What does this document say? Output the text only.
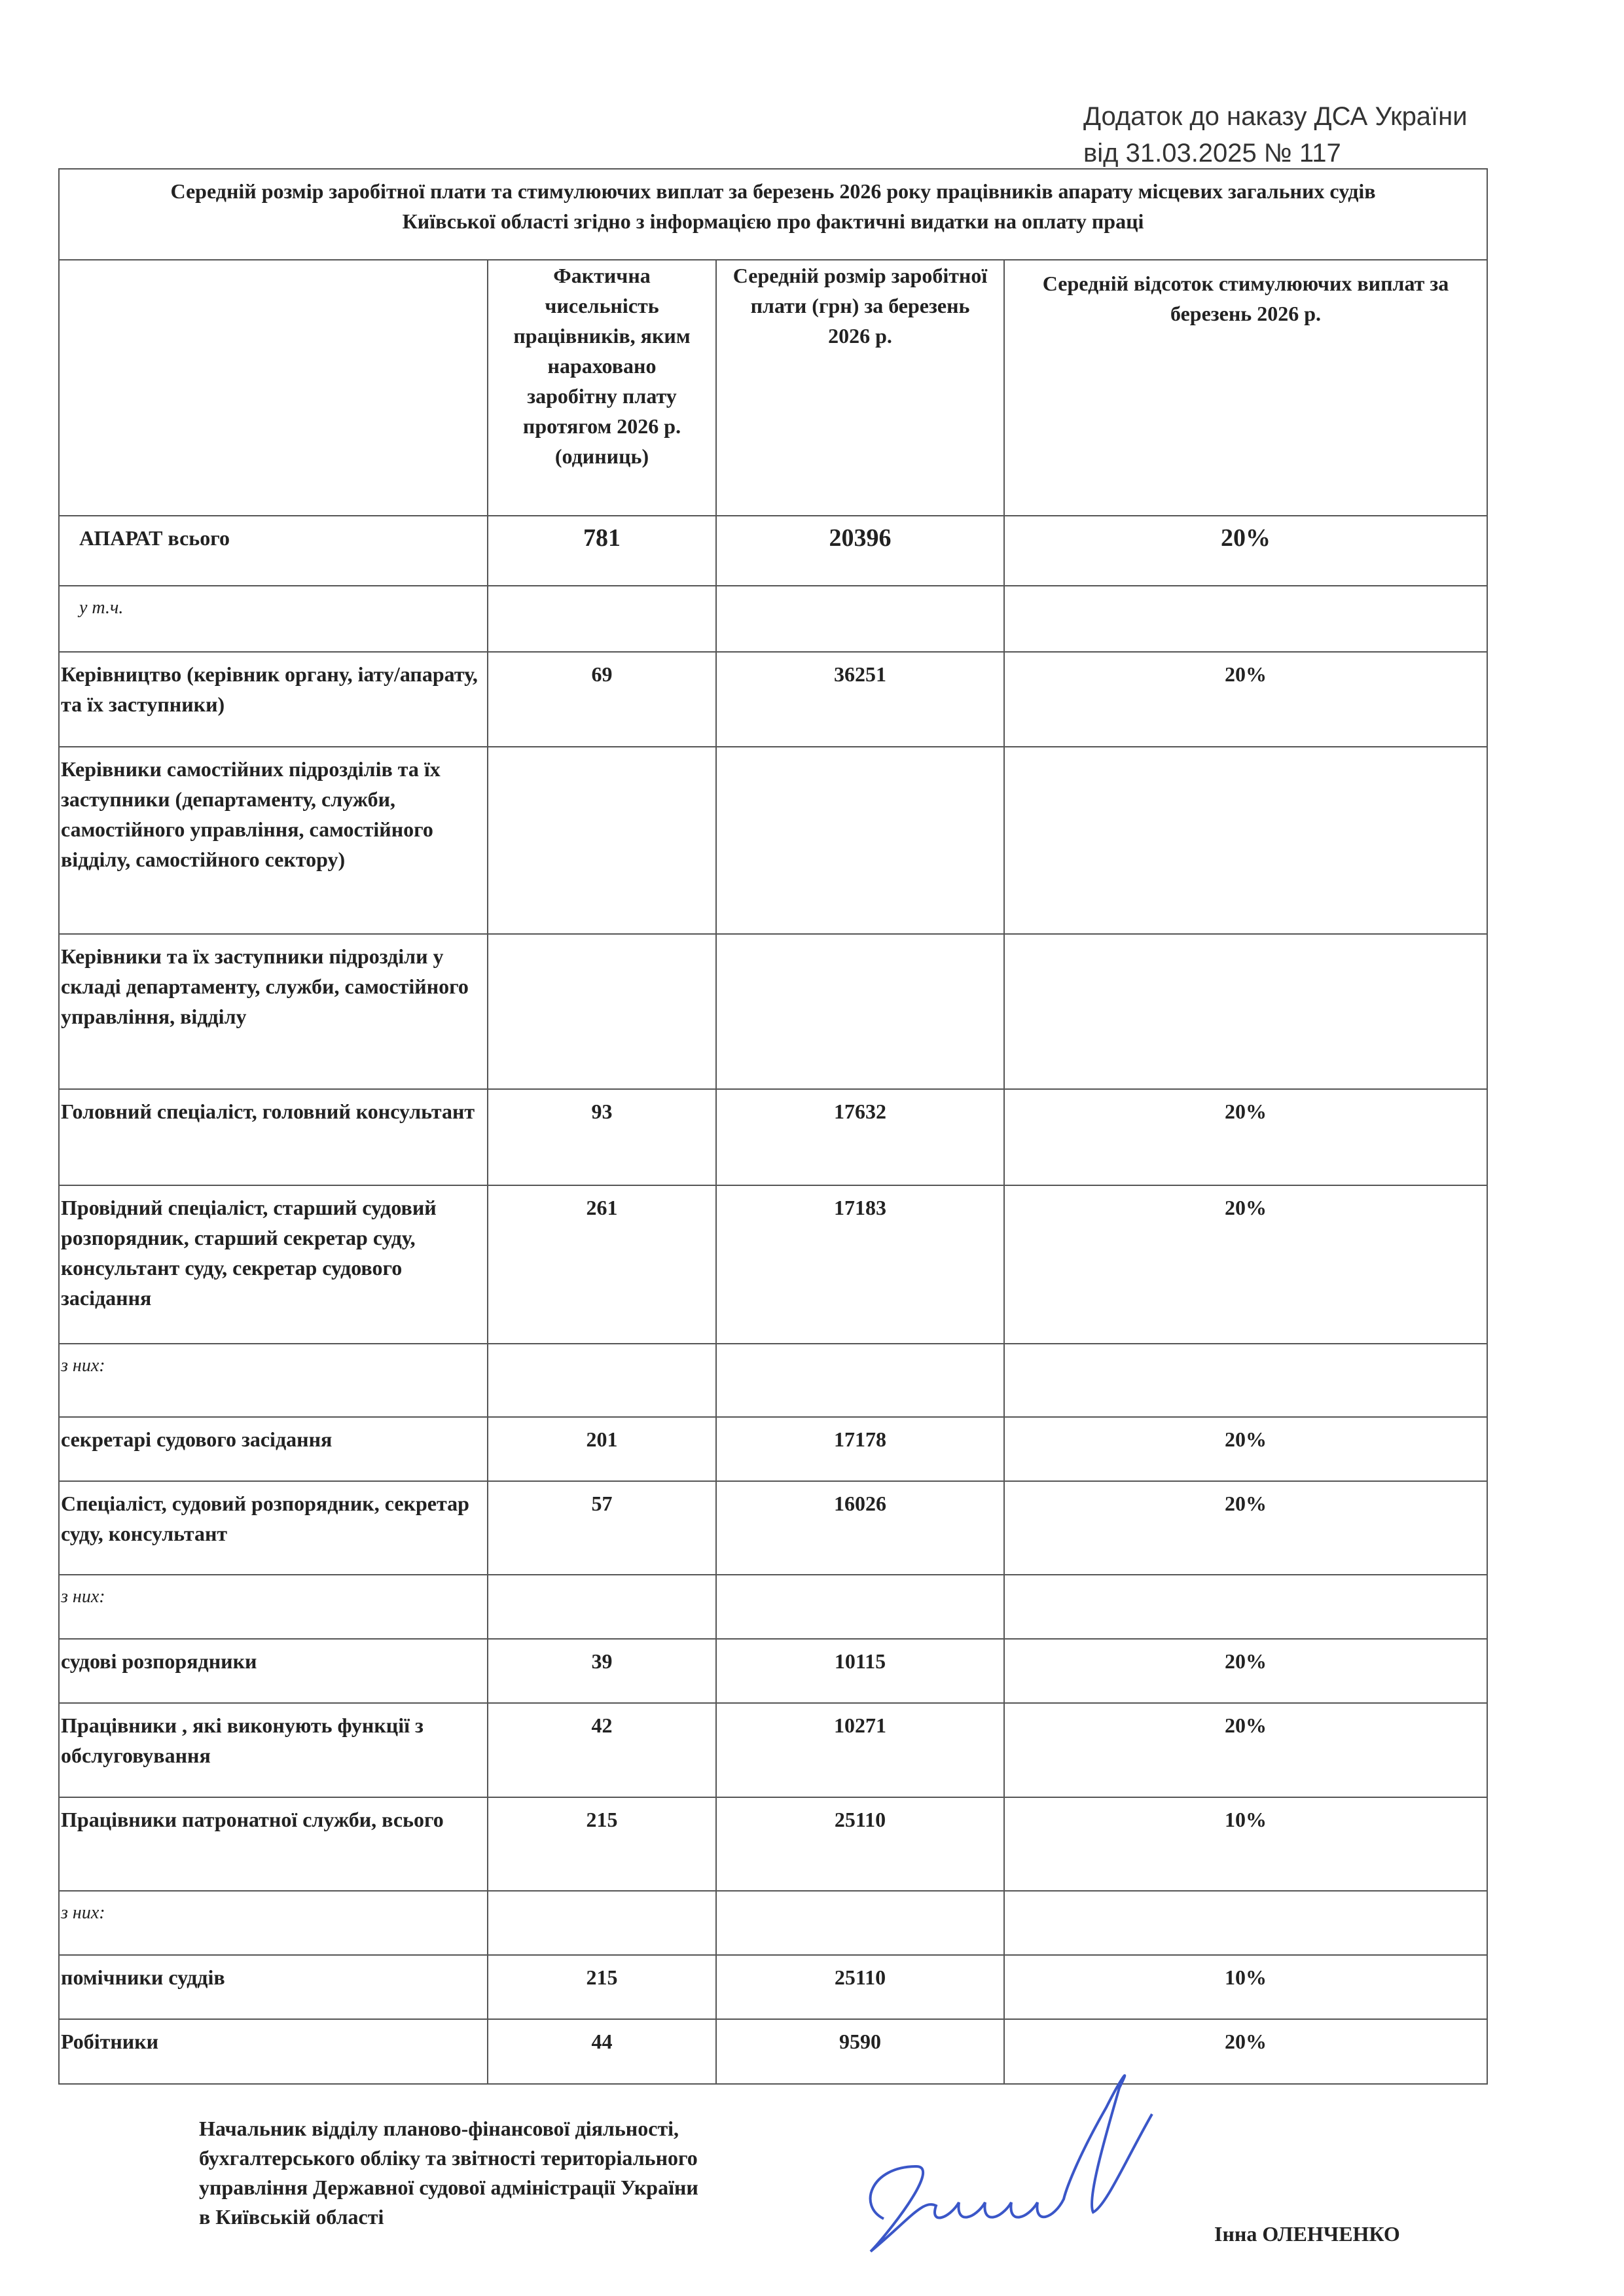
Додаток до наказу ДСА України
від 31.03.2025 № 117
Середній розмір заробітної плати та стимулюючих виплат за березень 2026 року працівників апарату місцевих загальних судів Київської області згідно з інформацією про фактичні видатки на оплату праці			
	Фактична чисельність працівників, яким нараховано заробітну плату протягом 2026 р. (одиниць)	Середній розмір заробітної плати (грн) за березень 2026 р.	Середній відсоток стимулюючих виплат за березень 2026 р.
АПАРАТ всього	781	20396	20%
у т.ч.			
Керівництво (керівник органу, іату/апарату, та їх заступники)	69	36251	20%
Керівники самостійних підрозділів та їх заступники (департаменту, служби, самостійного управління, самостійного відділу, самостійного сектору)			
Керівники та їх заступники підрозділи у складі департаменту, служби, самостійного управління, відділу			
Головний спеціаліст, головний консультант	93	17632	20%
Провідний спеціаліст, старший судовий розпорядник, старший секретар суду, консультант суду, секретар судового засідання	261	17183	20%
з них:			
секретарі судового засідання	201	17178	20%
Спеціаліст, судовий розпорядник, секретар суду, консультант	57	16026	20%
з них:			
судові розпорядники	39	10115	20%
Працівники , які виконують функції з обслуговування	42	10271	20%
Працівники патронатної служби, всього	215	25110	10%
з них:			
помічники суддів	215	25110	10%
Робітники	44	9590	20%
Начальник відділу планово-фінансової діяльності,
бухгалтерського обліку та звітності територіального
управління Державної судової адміністрації України
в Київській області
Інна ОЛЕНЧЕНКО
